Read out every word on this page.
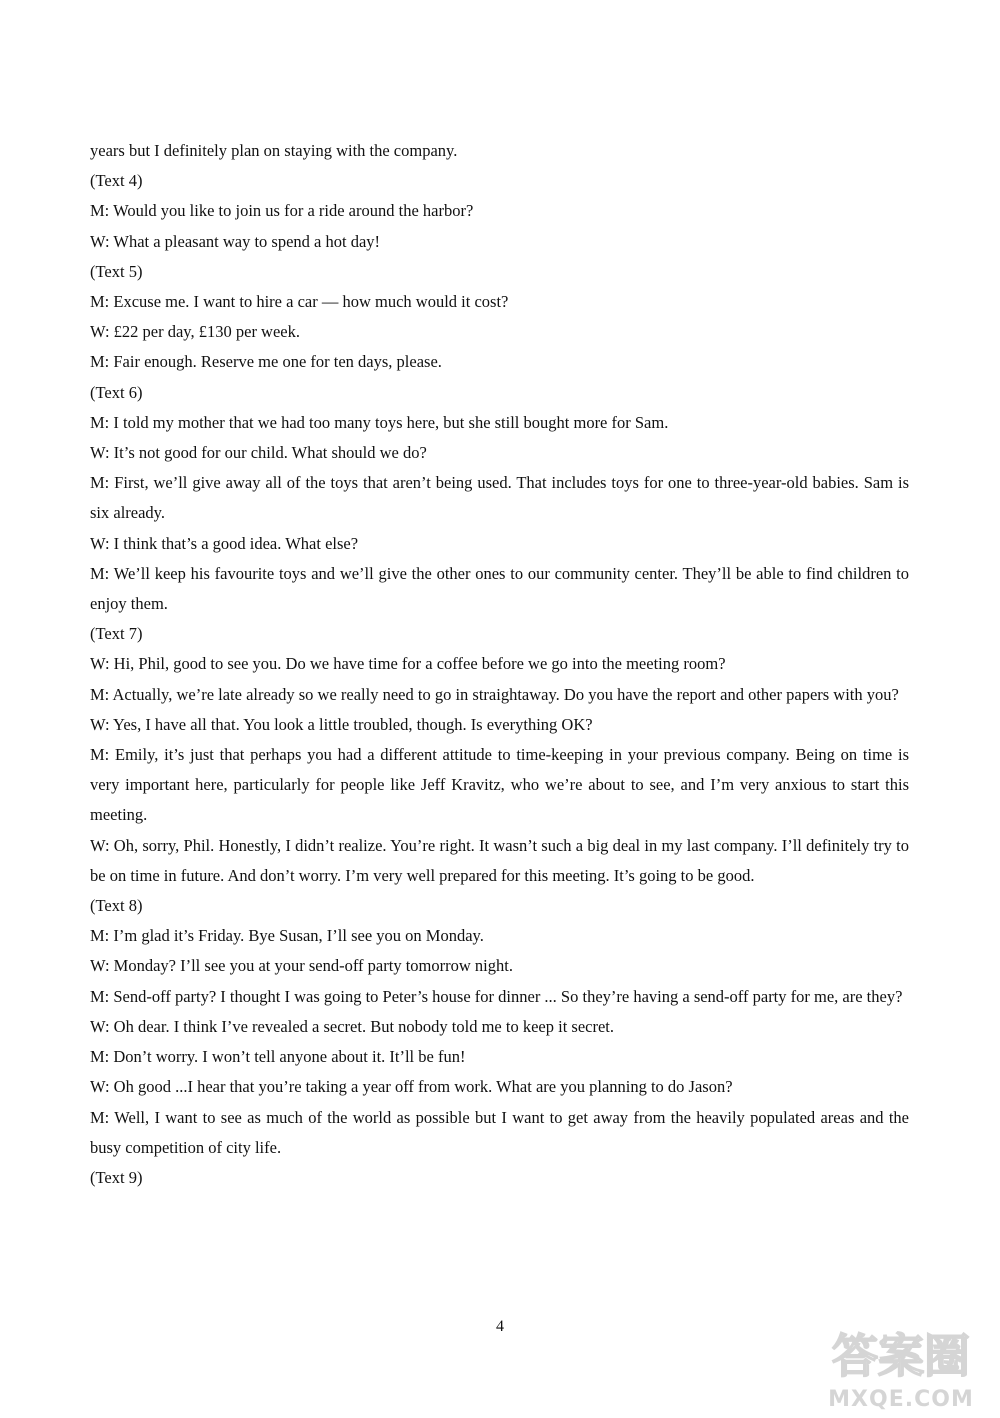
years but I definitely plan on staying with the company.

(Text 4)

M: Would you like to join us for a ride around the harbor?

W: What a pleasant way to spend a hot day!

(Text 5)

M: Excuse me. I want to hire a car — how much would it cost?

W: £22 per day, £130 per week.

M: Fair enough. Reserve me one for ten days, please.

(Text 6)

M: I told my mother that we had too many toys here, but she still bought more for Sam.

W: It’s not good for our child. What should we do?

M: First, we’ll give away all of the toys that aren’t being used. That includes toys for one to three-year-old babies. Sam is six already.

W: I think that’s a good idea. What else?

M: We’ll keep his favourite toys and we’ll give the other ones to our community center. They’ll be able to find children to enjoy them.

(Text 7)

W: Hi, Phil, good to see you. Do we have time for a coffee before we go into the meeting room?

M: Actually, we’re late already so we really need to go in straightaway. Do you have the report and other papers with you?

W: Yes, I have all that. You look a little troubled, though. Is everything OK?

M: Emily, it’s just that perhaps you had a different attitude to time-keeping in your previous company. Being on time is very important here, particularly for people like Jeff Kravitz, who we’re about to see, and I’m very anxious to start this meeting.

W: Oh, sorry, Phil. Honestly, I didn’t realize. You’re right. It wasn’t such a big deal in my last company. I’ll definitely try to be on time in future. And don’t worry. I’m very well prepared for this meeting. It’s going to be good.

(Text 8)

M: I’m glad it’s Friday. Bye Susan, I’ll see you on Monday.

W: Monday? I’ll see you at your send-off party tomorrow night.

M: Send-off party? I thought I was going to Peter’s house for dinner ... So they’re having a send-off party for me, are they?

W: Oh dear. I think I’ve revealed a secret. But nobody told me to keep it secret.

M: Don’t worry. I won’t tell anyone about it. It’ll be fun!

W: Oh good ...I hear that you’re taking a year off from work. What are you planning to do Jason?

M: Well, I want to see as much of the world as possible but I want to get away from the heavily populated areas and the busy competition of city life.

(Text 9)

4
答案圈
MXQE.COM
